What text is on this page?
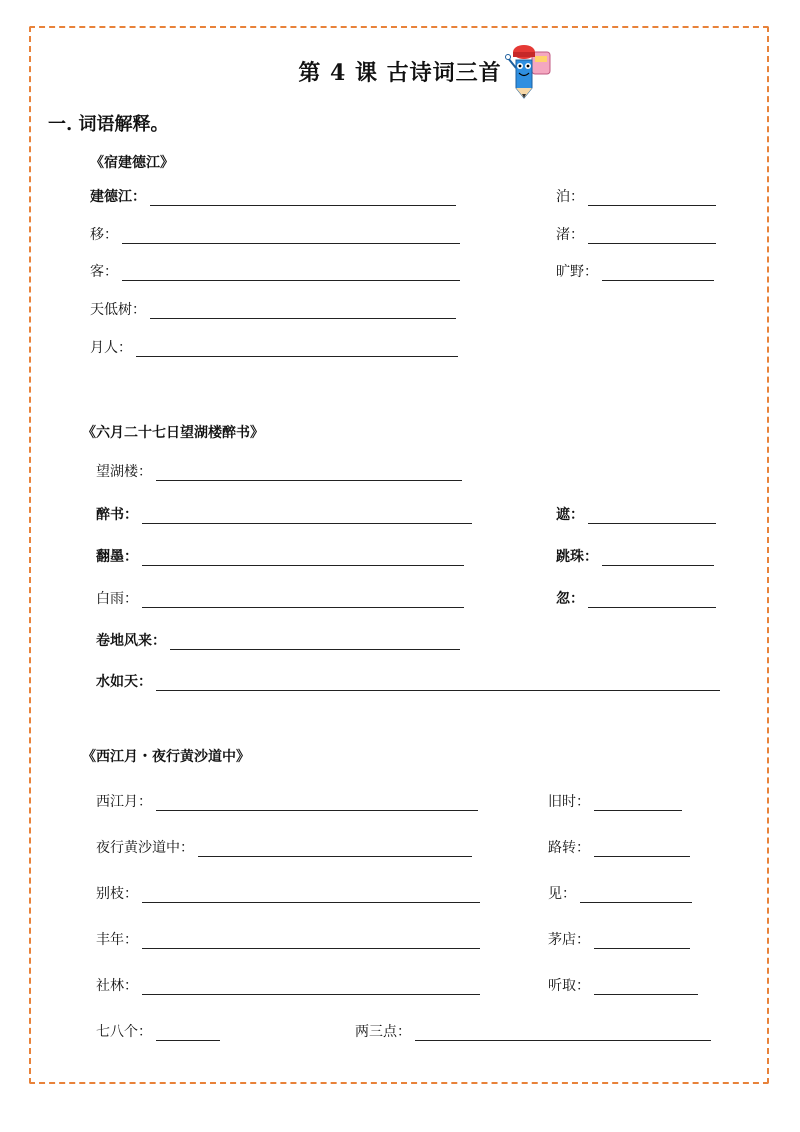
第 4 课 古诗词三首
一. 词语解释。
《宿建德江》
建德江：	泊：
移：	渚：
客：	旷野：
天低树：
月人：
《六月二十七日望湖楼醉书》
望湖楼：
醉书：	遮：
翻墨：	跳珠：
白雨：	忽：
卷地风来：
水如天：
《西江月・夜行黄沙道中》
西江月：	旧时：
夜行黄沙道中：	路转：
别枝：	见：
丰年：	茅店：
社林：	听取：
七八个：	两三点：
